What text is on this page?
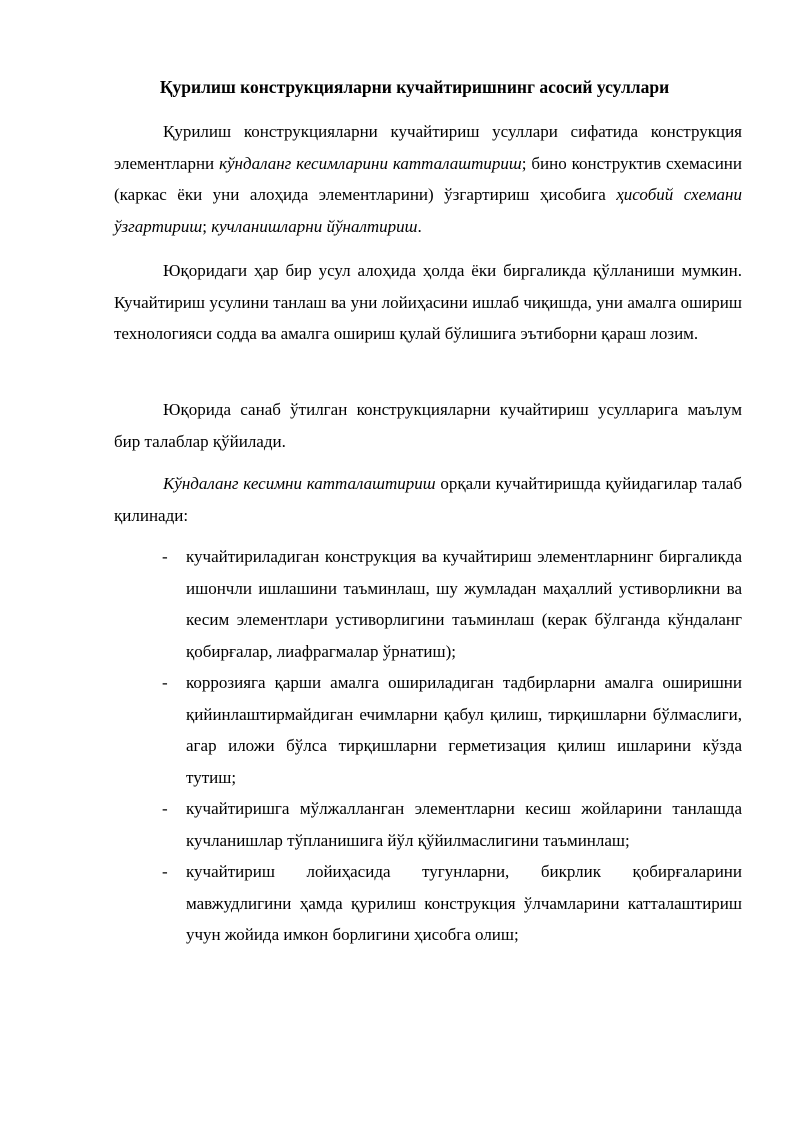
Қурилиш конструкцияларни кучайтиришнинг асосий усуллари

Қурилиш конструкцияларни кучайтириш усуллари сифатида конструкция элементларни кўндаланг кесимларини катталаштириш; бино конструктив схемасини (каркас ёки уни алоҳида элементларини) ўзгартириш ҳисобига ҳисобий схемани ўзгартириш; кучланишларни йўналтириш.

Юқоридаги ҳар бир усул алоҳида ҳолда ёки биргаликда қўлланиши мумкин. Кучайтириш усулини танлаш ва уни лойиҳасини ишлаб чиқишда, уни амалга ошириш технологияси содда ва амалга ошириш қулай бўлишига эътиборни қараш лозим.

Юқорида санаб ўтилган конструкцияларни кучайтириш усулларига маълум бир талаблар қўйилади.

Кўндаланг кесимни катталаштириш орқали кучайтиришда қуйидагилар талаб қилинади:

- кучайтириладиган конструкция ва кучайтириш элементларнинг биргаликда ишончли ишлашини таъминлаш, шу жумладан маҳаллий устиворликни ва кесим элементлари устиворлигини таъминлаш (керак бўлганда кўндаланг қобирғалар, лиафрагмалар ўрнатиш);
- коррозияга қарши амалга ошириладиган тадбирларни амалга оширишни қийинлаштирмайдиган ечимларни қабул қилиш, тирқишларни бўлмаслиги, агар иложи бўлса тирқишларни герметизация қилиш ишларини кўзда тутиш;
- кучайтиришга мўлжалланган элементларни кесиш жойларини танлашда кучланишлар тўпланишига йўл қўйилмаслигини таъминлаш;
- кучайтириш лойиҳасида тугунларни, бикрлик қобирғаларини мавжудлигини ҳамда қурилиш конструкция ўлчамларини катталаштириш учун жойида имкон борлигини ҳисобга олиш;
